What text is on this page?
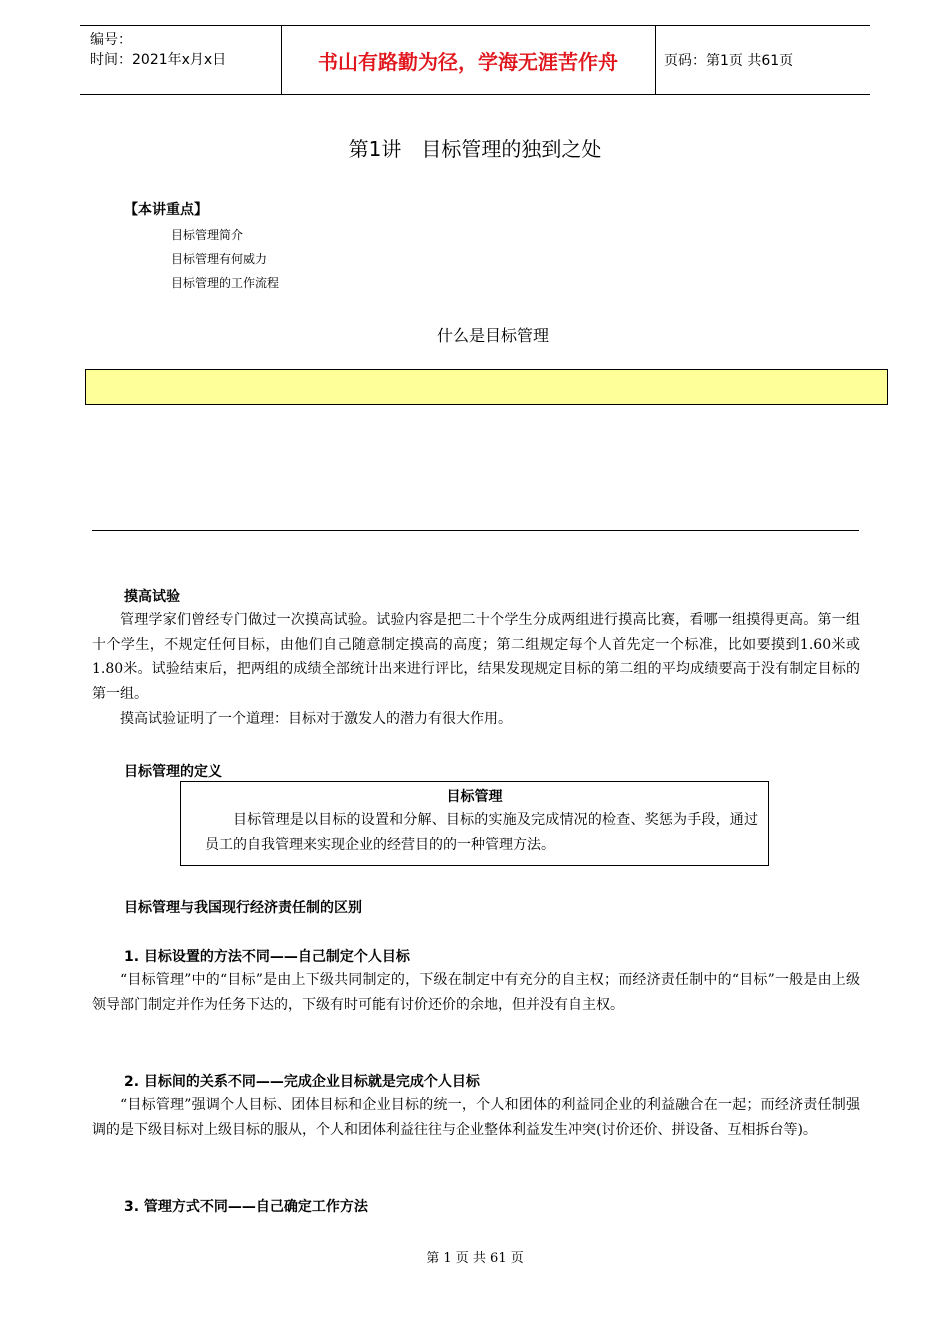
编号：
时间：2021年x月x日	书山有路勤为径，学海无涯苦作舟	页码：第1页 共61页
第1讲　目标管理的独到之处
【本讲重点】
目标管理简介
目标管理有何威力
目标管理的工作流程
什么是目标管理
摸高试验

管理学家们曾经专门做过一次摸高试验。试验内容是把二十个学生分成两组进行摸高比赛，看哪一组摸得更高。第一组十个学生，不规定任何目标，由他们自己随意制定摸高的高度；第二组规定每个人首先定一个标准，比如要摸到1.60米或1.80米。试验结束后，把两组的成绩全部统计出来进行评比，结果发现规定目标的第二组的平均成绩要高于没有制定目标的第一组。

摸高试验证明了一个道理：目标对于激发人的潜力有很大作用。

目标管理的定义
目标管理

目标管理是以目标的设置和分解、目标的实施及完成情况的检查、奖惩为手段，通过员工的自我管理来实现企业的经营目的的一种管理方法。

目标管理与我国现行经济责任制的区别
1. 目标设置的方法不同——自己制定个人目标

“目标管理”中的“目标”是由上下级共同制定的，下级在制定中有充分的自主权；而经济责任制中的“目标”一般是由上级领导部门制定并作为任务下达的，下级有时可能有讨价还价的余地，但并没有自主权。

2. 目标间的关系不同——完成企业目标就是完成个人目标

“目标管理”强调个人目标、团体目标和企业目标的统一，个人和团体的利益同企业的利益融合在一起；而经济责任制强调的是下级目标对上级目标的服从，个人和团体利益往往与企业整体利益发生冲突(讨价还价、拼设备、互相拆台等)。

3. 管理方式不同——自己确定工作方法
第 1 页 共 61 页
